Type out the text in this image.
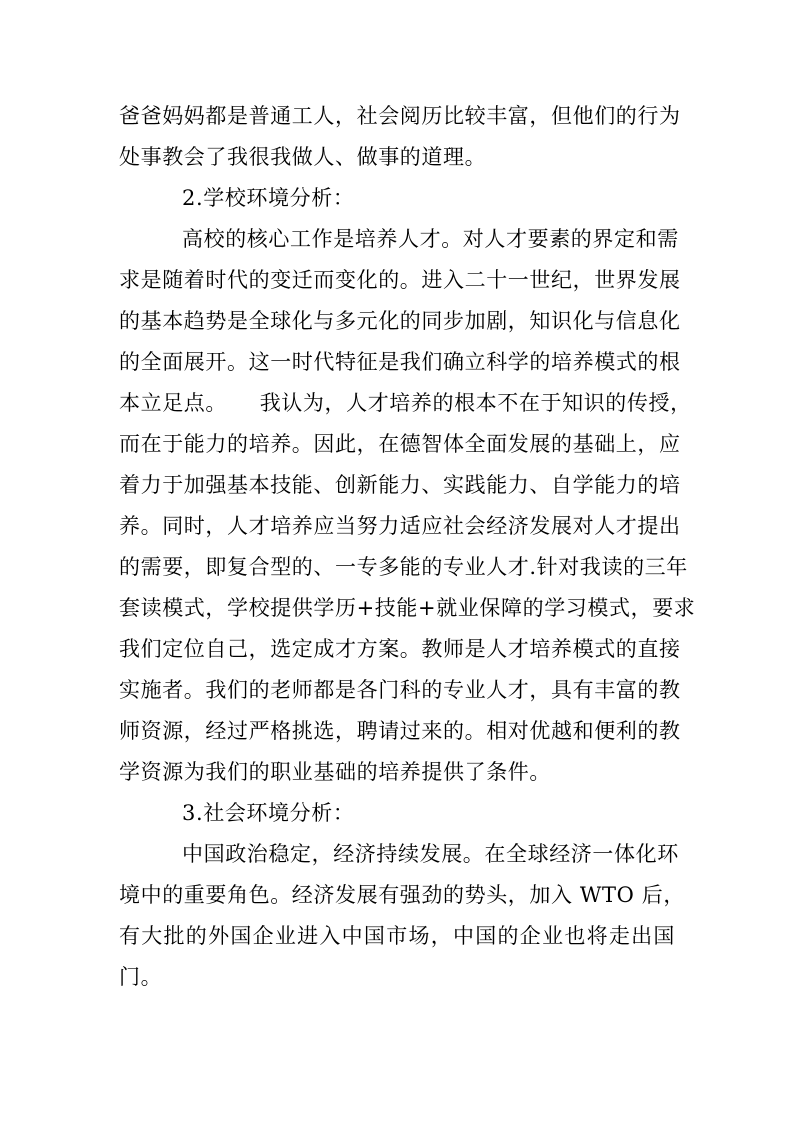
爸爸妈妈都是普通工人，社会阅历比较丰富，但他们的行为
处事教会了我很我做人、做事的道理。
2.学校环境分析：
高校的核心工作是培养人才。对人才要素的界定和需
求是随着时代的变迁而变化的。进入二十一世纪，世界发展
的基本趋势是全球化与多元化的同步加剧，知识化与信息化
的全面展开。这一时代特征是我们确立科学的培养模式的根
本立足点。　　我认为，人才培养的根本不在于知识的传授，
而在于能力的培养。因此，在德智体全面发展的基础上，应
着力于加强基本技能、创新能力、实践能力、自学能力的培
养。同时，人才培养应当努力适应社会经济发展对人才提出
的需要，即复合型的、一专多能的专业人才.针对我读的三年
套读模式，学校提供学历+技能+就业保障的学习模式，要求
我们定位自己，选定成才方案。教师是人才培养模式的直接
实施者。我们的老师都是各门科的专业人才，具有丰富的教
师资源，经过严格挑选，聘请过来的。相对优越和便利的教
学资源为我们的职业基础的培养提供了条件。
3.社会环境分析：
中国政治稳定，经济持续发展。在全球经济一体化环
境中的重要角色。经济发展有强劲的势头，加入 WTO 后，
有大批的外国企业进入中国市场，中国的企业也将走出国
门。
